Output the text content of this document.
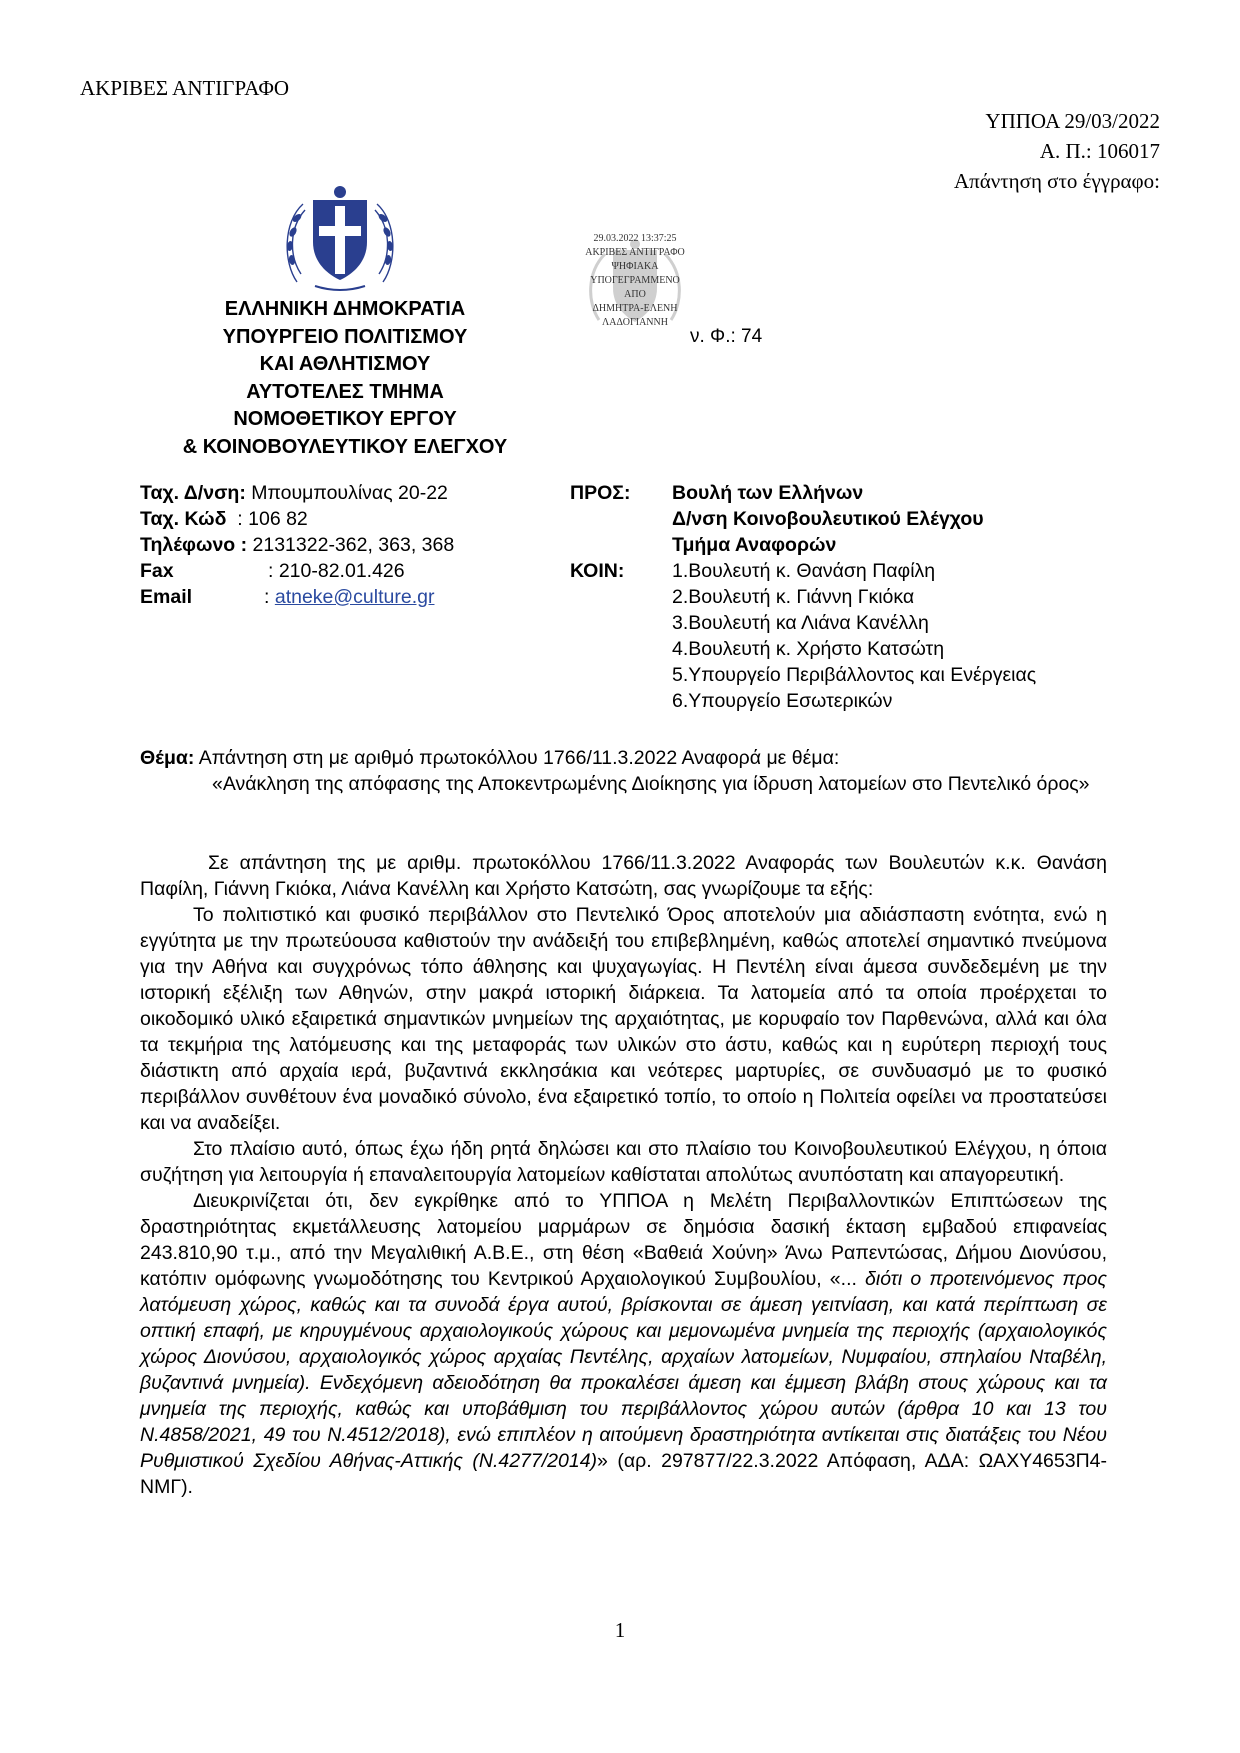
ΑΚΡΙΒΕΣ ΑΝΤΙΓΡΑΦΟ
ΥΠΠΟΑ 29/03/2022
Α. Π.: 106017
Απάντηση στο έγγραφο:
ΕΛΛΗΝΙΚΗ ΔΗΜΟΚΡΑΤΙΑ
ΥΠΟΥΡΓΕΙΟ ΠΟΛΙΤΙΣΜΟΥ
ΚΑΙ ΑΘΛΗΤΙΣΜΟΥ
ΑΥΤΟΤΕΛΕΣ ΤΜΗΜΑ
ΝΟΜΟΘΕΤΙΚΟΥ ΕΡΓΟΥ
& ΚΟΙΝΟΒΟΥΛΕΥΤΙΚΟΥ ΕΛΕΓΧΟΥ
29.03.2022 13:37:25
ΑΚΡΙΒΕΣ ΑΝΤΙΓΡΑΦΟ
ΨΗΦΙΑΚΑ
ΥΠΟΓΕΓΡΑΜΜΕΝΟ
ΑΠΟ
ΔΗΜΗΤΡΑ-ΕΛΕΝΗ
ΛΑΔΟΓΙΑΝΝΗ
ν. Φ.: 74
Ταχ. Δ/νση: Μπουμπουλίνας 20-22
Ταχ. Κώδ : 106 82
Τηλέφωνο : 2131322-362, 363, 368
Fax	: 210-82.01.426
Email	: atneke@culture.gr
ΠΡΟΣ:	Βουλή των Ελλήνων
Δ/νση Κοινοβουλευτικού Ελέγχου
Τμήμα Αναφορών
ΚΟΙΝ:	1.Βουλευτή κ. Θανάση Παφίλη
2.Βουλευτή κ. Γιάννη Γκιόκα
3.Βουλευτή κα Λιάνα Κανέλλη
4.Βουλευτή κ. Χρήστο Κατσώτη
5.Υπουργείο Περιβάλλοντος και Ενέργειας
6.Υπουργείο Εσωτερικών
Θέμα: Απάντηση στη με αριθμό πρωτοκόλλου 1766/11.3.2022 Αναφορά με θέμα:
«Ανάκληση της απόφασης της Αποκεντρωμένης Διοίκησης για ίδρυση λατομείων στο Πεντελικό όρος»

Σε απάντηση της με αριθμ. πρωτοκόλλου 1766/11.3.2022 Αναφοράς των Βουλευτών κ.κ. Θανάση Παφίλη, Γιάννη Γκιόκα, Λιάνα Κανέλλη και Χρήστο Κατσώτη, σας γνωρίζουμε τα εξής:

Το πολιτιστικό και φυσικό περιβάλλον στο Πεντελικό Όρος αποτελούν μια αδιάσπαστη ενότητα, ενώ η εγγύτητα με την πρωτεύουσα καθιστούν την ανάδειξή του επιβεβλημένη, καθώς αποτελεί σημαντικό πνεύμονα για την Αθήνα και συγχρόνως τόπο άθλησης και ψυχαγωγίας. Η Πεντέλη είναι άμεσα συνδεδεμένη με την ιστορική εξέλιξη των Αθηνών, στην μακρά ιστορική διάρκεια. Τα λατομεία από τα οποία προέρχεται το οικοδομικό υλικό εξαιρετικά σημαντικών μνημείων της αρχαιότητας, με κορυφαίο τον Παρθενώνα, αλλά και όλα τα τεκμήρια της λατόμευσης και της μεταφοράς των υλικών στο άστυ, καθώς και η ευρύτερη περιοχή τους διάστικτη από αρχαία ιερά, βυζαντινά εκκλησάκια και νεότερες μαρτυρίες, σε συνδυασμό με το φυσικό περιβάλλον συνθέτουν ένα μοναδικό σύνολο, ένα εξαιρετικό τοπίο, το οποίο η Πολιτεία οφείλει να προστατεύσει και να αναδείξει.

Στο πλαίσιο αυτό, όπως έχω ήδη ρητά δηλώσει και στο πλαίσιο του Κοινοβουλευτικού Ελέγχου, η όποια συζήτηση για λειτουργία ή επαναλειτουργία λατομείων καθίσταται απολύτως ανυπόστατη και απαγορευτική.

Διευκρινίζεται ότι, δεν εγκρίθηκε από το ΥΠΠΟΑ η Μελέτη Περιβαλλοντικών Επιπτώσεων της δραστηριότητας εκμετάλλευσης λατομείου μαρμάρων σε δημόσια δασική έκταση εμβαδού επιφανείας 243.810,90 τ.μ., από την Μεγαλιθική Α.Β.Ε., στη θέση «Βαθειά Χούνη» Άνω Ραπεντώσας, Δήμου Διονύσου, κατόπιν ομόφωνης γνωμοδότησης του Κεντρικού Αρχαιολογικού Συμβουλίου, «... διότι ο προτεινόμενος προς λατόμευση χώρος, καθώς και τα συνοδά έργα αυτού, βρίσκονται σε άμεση γειτνίαση, και κατά περίπτωση σε οπτική επαφή, με κηρυγμένους αρχαιολογικούς χώρους και μεμονωμένα μνημεία της περιοχής (αρχαιολογικός χώρος Διονύσου, αρχαιολογικός χώρος αρχαίας Πεντέλης, αρχαίων λατομείων, Νυμφαίου, σπηλαίου Νταβέλη, βυζαντινά μνημεία). Ενδεχόμενη αδειοδότηση θα προκαλέσει άμεση και έμμεση βλάβη στους χώρους και τα μνημεία της περιοχής, καθώς και υποβάθμιση του περιβάλλοντος χώρου αυτών (άρθρα 10 και 13 του Ν.4858/2021, 49 του Ν.4512/2018), ενώ επιπλέον η αιτούμενη δραστηριότητα αντίκειται στις διατάξεις του Νέου Ρυθμιστικού Σχεδίου Αθήνας-Αττικής (Ν.4277/2014)» (αρ. 297877/22.3.2022 Απόφαση, ΑΔΑ: ΩΑΧΥ4653Π4-ΝΜΓ).

1
